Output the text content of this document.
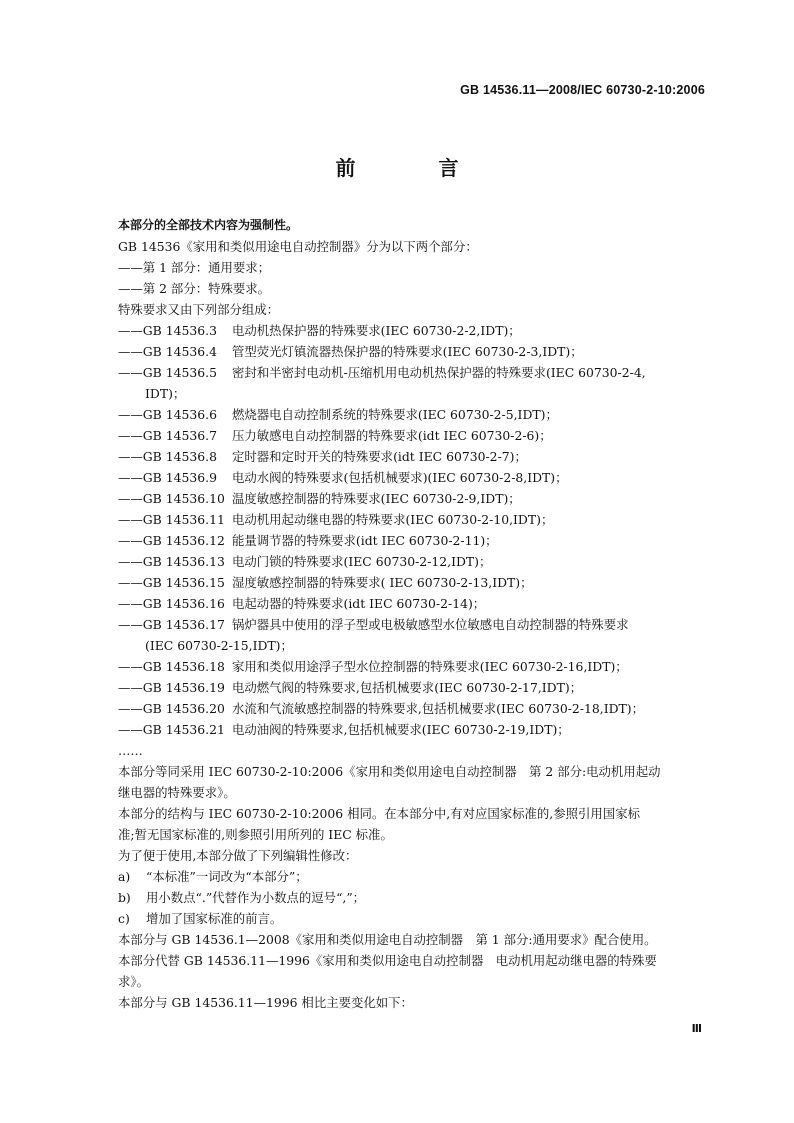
GB 14536.11—2008/IEC 60730-2-10:2006
前 言
本部分的全部技术内容为强制性。
GB 14536《家用和类似用途电自动控制器》分为以下两个部分：
——第 1 部分：通用要求；
——第 2 部分：特殊要求。
特殊要求又由下列部分组成：
——GB 14536.3 电动机热保护器的特殊要求(IEC 60730-2-2,IDT)；
——GB 14536.4 管型荧光灯镇流器热保护器的特殊要求(IEC 60730-2-3,IDT)；
——GB 14536.5 密封和半密封电动机-压缩机用电动机热保护器的特殊要求(IEC 60730-2-4,
IDT)；
——GB 14536.6 燃烧器电自动控制系统的特殊要求(IEC 60730-2-5,IDT)；
——GB 14536.7 压力敏感电自动控制器的特殊要求(idt IEC 60730-2-6)；
——GB 14536.8 定时器和定时开关的特殊要求(idt IEC 60730-2-7)；
——GB 14536.9 电动水阀的特殊要求(包括机械要求)(IEC 60730-2-8,IDT)；
——GB 14536.10 温度敏感控制器的特殊要求(IEC 60730-2-9,IDT)；
——GB 14536.11 电动机用起动继电器的特殊要求(IEC 60730-2-10,IDT)；
——GB 14536.12 能量调节器的特殊要求(idt IEC 60730-2-11)；
——GB 14536.13 电动门锁的特殊要求(IEC 60730-2-12,IDT)；
——GB 14536.15 湿度敏感控制器的特殊要求( IEC 60730-2-13,IDT)；
——GB 14536.16 电起动器的特殊要求(idt IEC 60730-2-14)；
——GB 14536.17 锅炉器具中使用的浮子型或电极敏感型水位敏感电自动控制器的特殊要求
(IEC 60730-2-15,IDT)；
——GB 14536.18 家用和类似用途浮子型水位控制器的特殊要求(IEC 60730-2-16,IDT)；
——GB 14536.19 电动燃气阀的特殊要求,包括机械要求(IEC 60730-2-17,IDT)；
——GB 14536.20 水流和气流敏感控制器的特殊要求,包括机械要求(IEC 60730-2-18,IDT)；
——GB 14536.21 电动油阀的特殊要求,包括机械要求(IEC 60730-2-19,IDT)；
……
本部分等同采用 IEC 60730-2-10:2006《家用和类似用途电自动控制器　第 2 部分:电动机用起动
继电器的特殊要求》。
本部分的结构与 IEC 60730-2-10:2006 相同。在本部分中,有对应国家标准的,参照引用国家标
准;暂无国家标准的,则参照引用所列的 IEC 标准。
为了便于使用,本部分做了下列编辑性修改：
a) “本标准”一词改为“本部分”；
b) 用小数点“.”代替作为小数点的逗号“,”；
c) 增加了国家标准的前言。
本部分与 GB 14536.1—2008《家用和类似用途电自动控制器　第 1 部分:通用要求》配合使用。
本部分代替 GB 14536.11—1996《家用和类似用途电自动控制器　电动机用起动继电器的特殊要
求》。
本部分与 GB 14536.11—1996 相比主要变化如下：
Ⅲ
